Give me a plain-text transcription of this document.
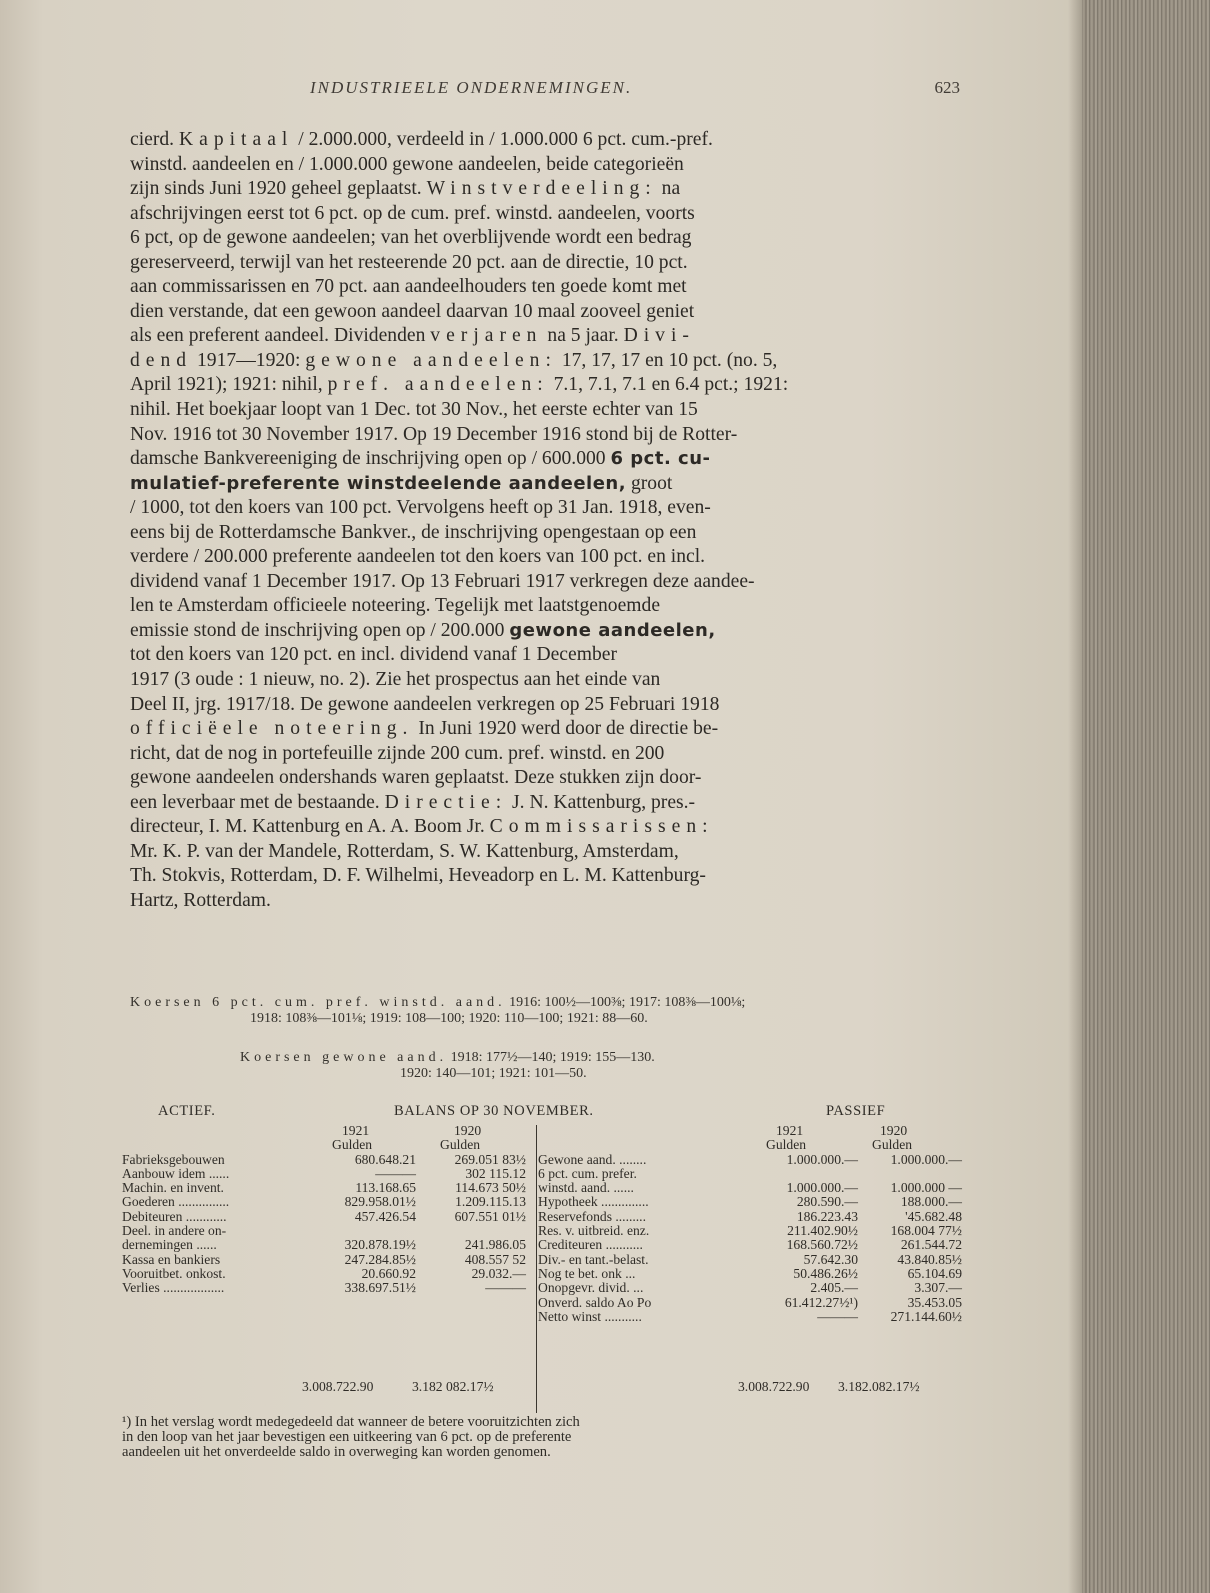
INDUSTRIEELE ONDERNEMINGEN.	623
cierd. Kapitaal / 2.000.000, verdeeld in / 1.000.000 6 pct. cum.-pref.
winstd. aandeelen en / 1.000.000 gewone aandeelen, beide categorieën
zijn sinds Juni 1920 geheel geplaatst. Winstverdeeling: na
afschrijvingen eerst tot 6 pct. op de cum. pref. winstd. aandeelen, voorts
6 pct, op de gewone aandeelen; van het overblijvende wordt een bedrag
gereserveerd, terwijl van het resteerende 20 pct. aan de directie, 10 pct.
aan commissarissen en 70 pct. aan aandeelhouders ten goede komt met
dien verstande, dat een gewoon aandeel daarvan 10 maal zooveel geniet
als een preferent aandeel. Dividenden verjaren na 5 jaar. Divi-
dend 1917—1920: gewone aandeelen: 17, 17, 17 en 10 pct. (no. 5,
April 1921); 1921: nihil, pref. aandeelen: 7.1, 7.1, 7.1 en 6.4 pct.; 1921:
nihil. Het boekjaar loopt van 1 Dec. tot 30 Nov., het eerste echter van 15
Nov. 1916 tot 30 November 1917. Op 19 December 1916 stond bij de Rotter-
damsche Bankvereeniging de inschrijving open op / 600.000 6 pct. cu-
mulatief-preferente winstdeelende aandeelen, groot
/ 1000, tot den koers van 100 pct. Vervolgens heeft op 31 Jan. 1918, even-
eens bij de Rotterdamsche Bankver., de inschrijving opengestaan op een
verdere / 200.000 preferente aandeelen tot den koers van 100 pct. en incl.
dividend vanaf 1 December 1917. Op 13 Februari 1917 verkregen deze aandee-
len te Amsterdam officieele noteering. Tegelijk met laatstgenoemde
emissie stond de inschrijving open op / 200.000 gewone aandeelen,
tot den koers van 120 pct. en incl. dividend vanaf 1 December
1917 (3 oude : 1 nieuw, no. 2). Zie het prospectus aan het einde van
Deel II, jrg. 1917/18. De gewone aandeelen verkregen op 25 Februari 1918
officiëele noteering. In Juni 1920 werd door de directie be-
richt, dat de nog in portefeuille zijnde 200 cum. pref. winstd. en 200
gewone aandeelen ondershands waren geplaatst. Deze stukken zijn door-
een leverbaar met de bestaande. Directie: J. N. Kattenburg, pres.-
directeur, I. M. Kattenburg en A. A. Boom Jr. Commissarissen:
Mr. K. P. van der Mandele, Rotterdam, S. W. Kattenburg, Amsterdam,
Th. Stokvis, Rotterdam, D. F. Wilhelmi, Heveadorp en L. M. Kattenburg-
Hartz, Rotterdam.
Koersen 6 pct. cum. pref. winstd. aand. 1916: 100½—100⅜; 1917: 108⅜—100⅛;
1918: 108⅜—101⅛; 1919: 108—100; 1920: 110—100; 1921: 88—60.
Koersen gewone aand. 1918: 177½—140; 1919: 155—130.
1920: 140—101; 1921: 101—50.
ACTIEF.	BALANS OP 30 NOVEMBER.	PASSIEF
1921	1920
Gulden	Gulden
Fabrieksgebouwen	680.648.21	269.051 83½
Aanbouw idem ......	———	302 115.12
Machin. en invent.	113.168.65	114.673 50½
Goederen ...............	829.958.01½	1.209.115.13
Debiteuren ............	457.426.54	607.551 01½
Deel. in andere on-
dernemingen ......	320.878.19½	241.986.05
Kassa en bankiers	247.284.85½	408.557 52
Vooruitbet. onkost.	20.660.92	29.032.—
Verlies ..................	338.697.51½	———
1921	1920
Gulden	Gulden
Gewone aand. ........	1.000.000.— 1.000.000.—
6 pct. cum. prefer.
winstd. aand. ......	1.000.000.— 1.000.000 —
Hypotheek ..............	280.590.—	188.000.—
Reservefonds .........	186.223.43	'45.682.48
Res. v. uitbreid. enz.	211.402.90½ 168.004 77½
Crediteuren ...........	168.560.72½	261.544.72
Div.- en tant.-belast.	57.642.30	43.840.85½
Nog te bet. onk ...	50.486.26½	65.104.69
Onopgevr. divid. ...	2.405.—	3.307.—
Onverd. saldo Ao Po	61.412.27½¹)	35.453.05
Netto winst ...........	——— 271.144.60½
3.008.722.90	3.182 082.17½	3.008.722.90 3.182.082.17½
¹) In het verslag wordt medegedeeld dat wanneer de betere vooruitzichten zich
in den loop van het jaar bevestigen een uitkeering van 6 pct. op de preferente
aandeelen uit het onverdeelde saldo in overweging kan worden genomen.
